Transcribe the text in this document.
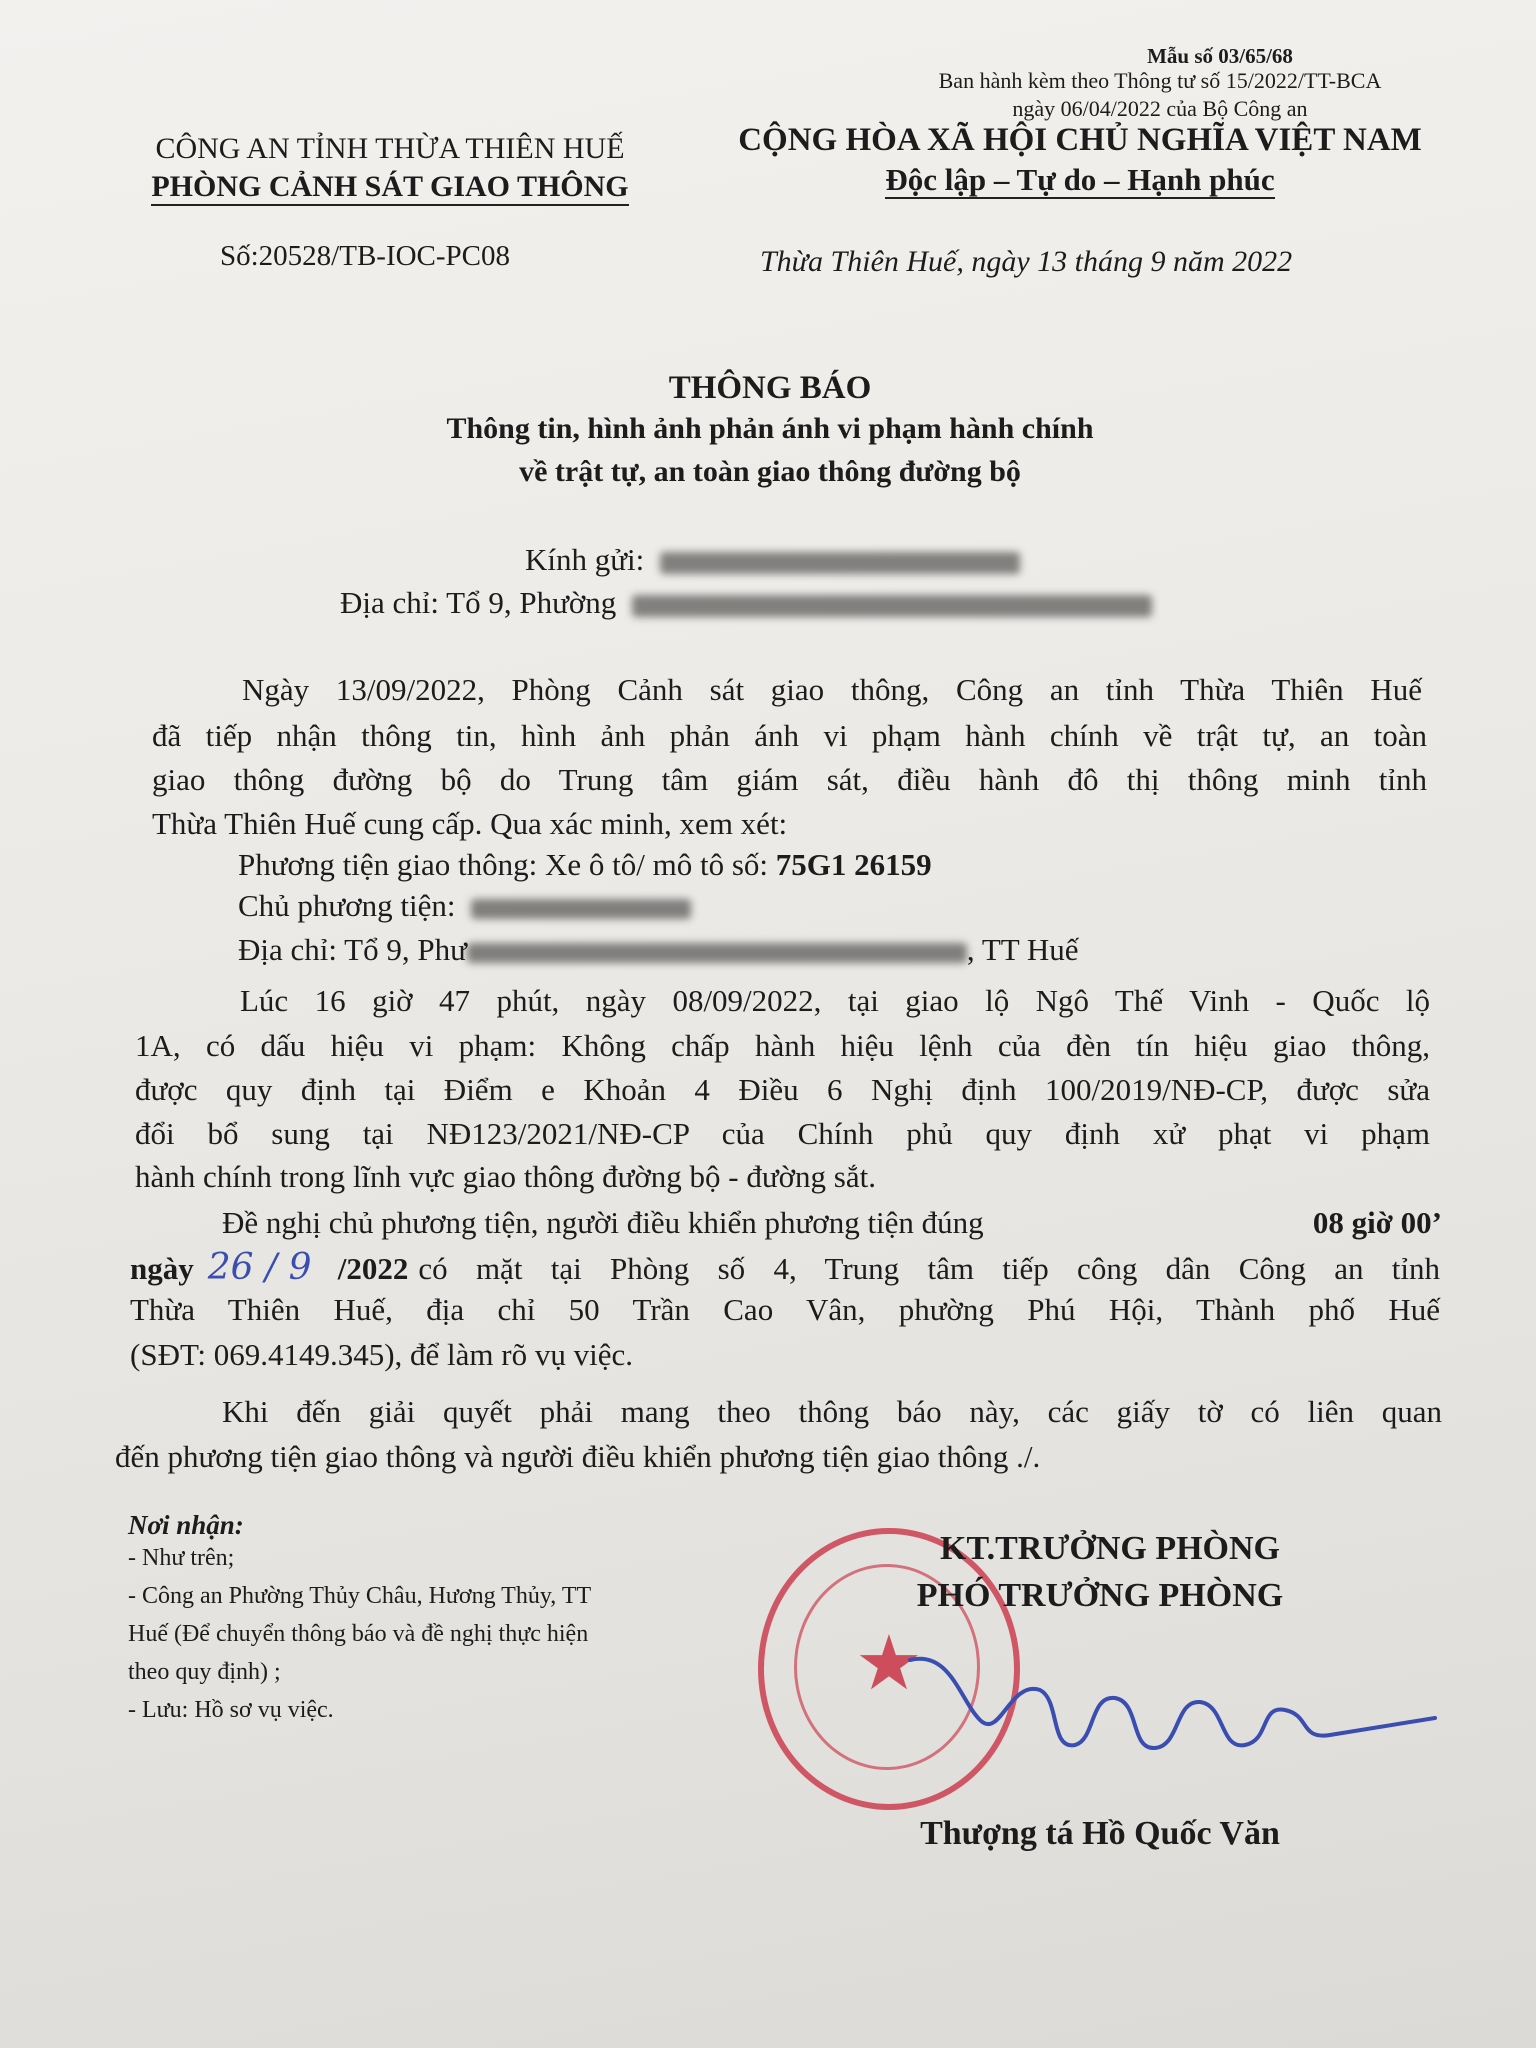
Mẫu số 03/65/68
Ban hành kèm theo Thông tư số 15/2022/TT-BCA
ngày 06/04/2022 của Bộ Công an
CÔNG AN TỈNH THỪA THIÊN HUẾ
PHÒNG CẢNH SÁT GIAO THÔNG
CỘNG HÒA XÃ HỘI CHỦ NGHĨA VIỆT NAM
Độc lập – Tự do – Hạnh phúc
Số:20528/TB-IOC-PC08	Thừa Thiên Huế, ngày 13 tháng 9 năm 2022
THÔNG BÁO
Thông tin, hình ảnh phản ánh vi phạm hành chính
về trật tự, an toàn giao thông đường bộ
Kính gửi:
Địa chỉ: Tổ 9, Phường
Ngày 13/09/2022, Phòng Cảnh sát giao thông, Công an tỉnh Thừa Thiên Huế
đã tiếp nhận thông tin, hình ảnh phản ánh vi phạm hành chính về trật tự, an toàn
giao thông đường bộ do Trung tâm giám sát, điều hành đô thị thông minh tỉnh
Thừa Thiên Huế cung cấp. Qua xác minh, xem xét:
Phương tiện giao thông: Xe ô tô/ mô tô số: 75G1 26159
Chủ phương tiện:
Địa chỉ: Tổ 9, Phư	, TT Huế
Lúc 16 giờ 47 phút, ngày 08/09/2022, tại giao lộ Ngô Thế Vinh - Quốc lộ
1A, có dấu hiệu vi phạm: Không chấp hành hiệu lệnh của đèn tín hiệu giao thông,
được quy định tại Điểm e Khoản 4 Điều 6 Nghị định 100/2019/NĐ-CP, được sửa
đổi bổ sung tại NĐ123/2021/NĐ-CP của Chính phủ quy định xử phạt vi phạm
hành chính trong lĩnh vực giao thông đường bộ - đường sắt.
Đề nghị chủ phương tiện, người điều khiển phương tiện đúng	08 giờ 00’
ngày 26 / 9 /2022 có mặt tại Phòng số 4, Trung tâm tiếp công dân Công an tỉnh
Thừa Thiên Huế, địa chỉ 50 Trần Cao Vân, phường Phú Hội, Thành phố Huế
(SĐT: 069.4149.345), để làm rõ vụ việc.
Khi đến giải quyết phải mang theo thông báo này, các giấy tờ có liên quan
đến phương tiện giao thông và người điều khiển phương tiện giao thông ./.
Nơi nhận:
- Như trên;
- Công an Phường Thủy Châu, Hương Thủy, TT
Huế (Để chuyển thông báo và đề nghị thực hiện
theo quy định) ;
- Lưu: Hồ sơ vụ việc.
★
KT.TRƯỞNG PHÒNG
PHÓ TRƯỞNG PHÒNG
Thượng tá Hồ Quốc Văn
